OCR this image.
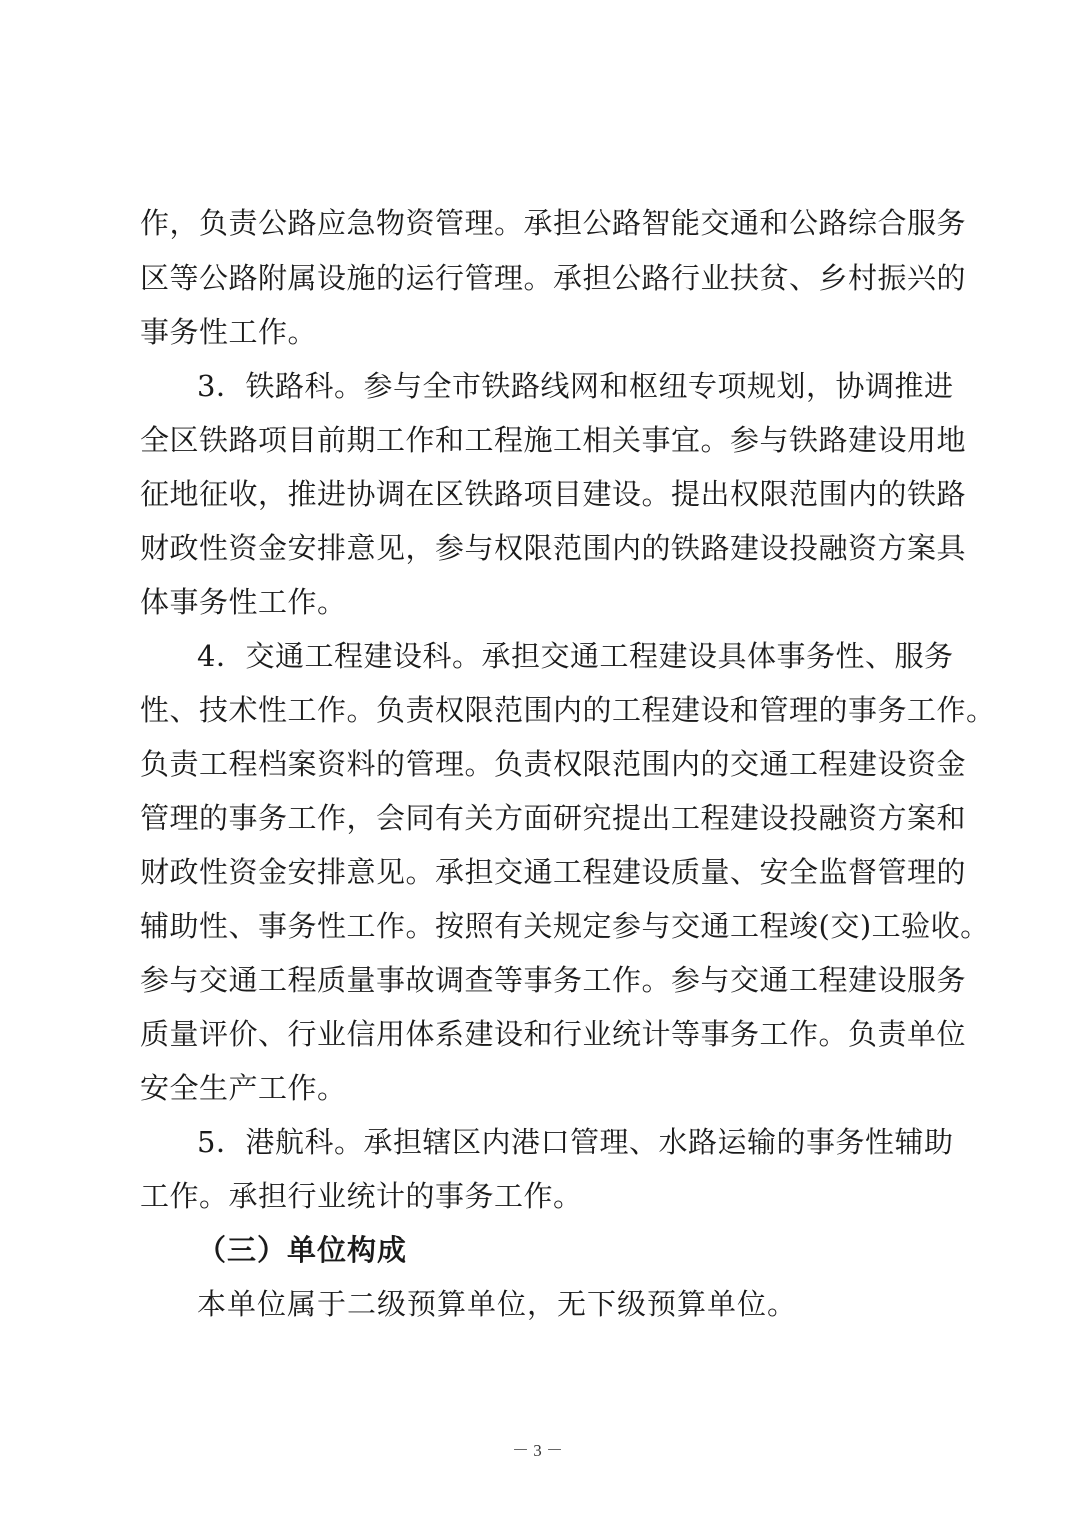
作，负责公路应急物资管理。承担公路智能交通和公路综合服务
区等公路附属设施的运行管理。承担公路行业扶贫、乡村振兴的
事务性工作。
3．铁路科。参与全市铁路线网和枢纽专项规划，协调推进
全区铁路项目前期工作和工程施工相关事宜。参与铁路建设用地
征地征收，推进协调在区铁路项目建设。提出权限范围内的铁路
财政性资金安排意见，参与权限范围内的铁路建设投融资方案具
体事务性工作。
4．交通工程建设科。承担交通工程建设具体事务性、服务
性、技术性工作。负责权限范围内的工程建设和管理的事务工作。
负责工程档案资料的管理。负责权限范围内的交通工程建设资金
管理的事务工作，会同有关方面研究提出工程建设投融资方案和
财政性资金安排意见。承担交通工程建设质量、安全监督管理的
辅助性、事务性工作。按照有关规定参与交通工程竣(交)工验收。
参与交通工程质量事故调查等事务工作。参与交通工程建设服务
质量评价、行业信用体系建设和行业统计等事务工作。负责单位
安全生产工作。
5．港航科。承担辖区内港口管理、水路运输的事务性辅助
工作。承担行业统计的事务工作。
（三）单位构成
本单位属于二级预算单位，无下级预算单位。
－ 3 －
